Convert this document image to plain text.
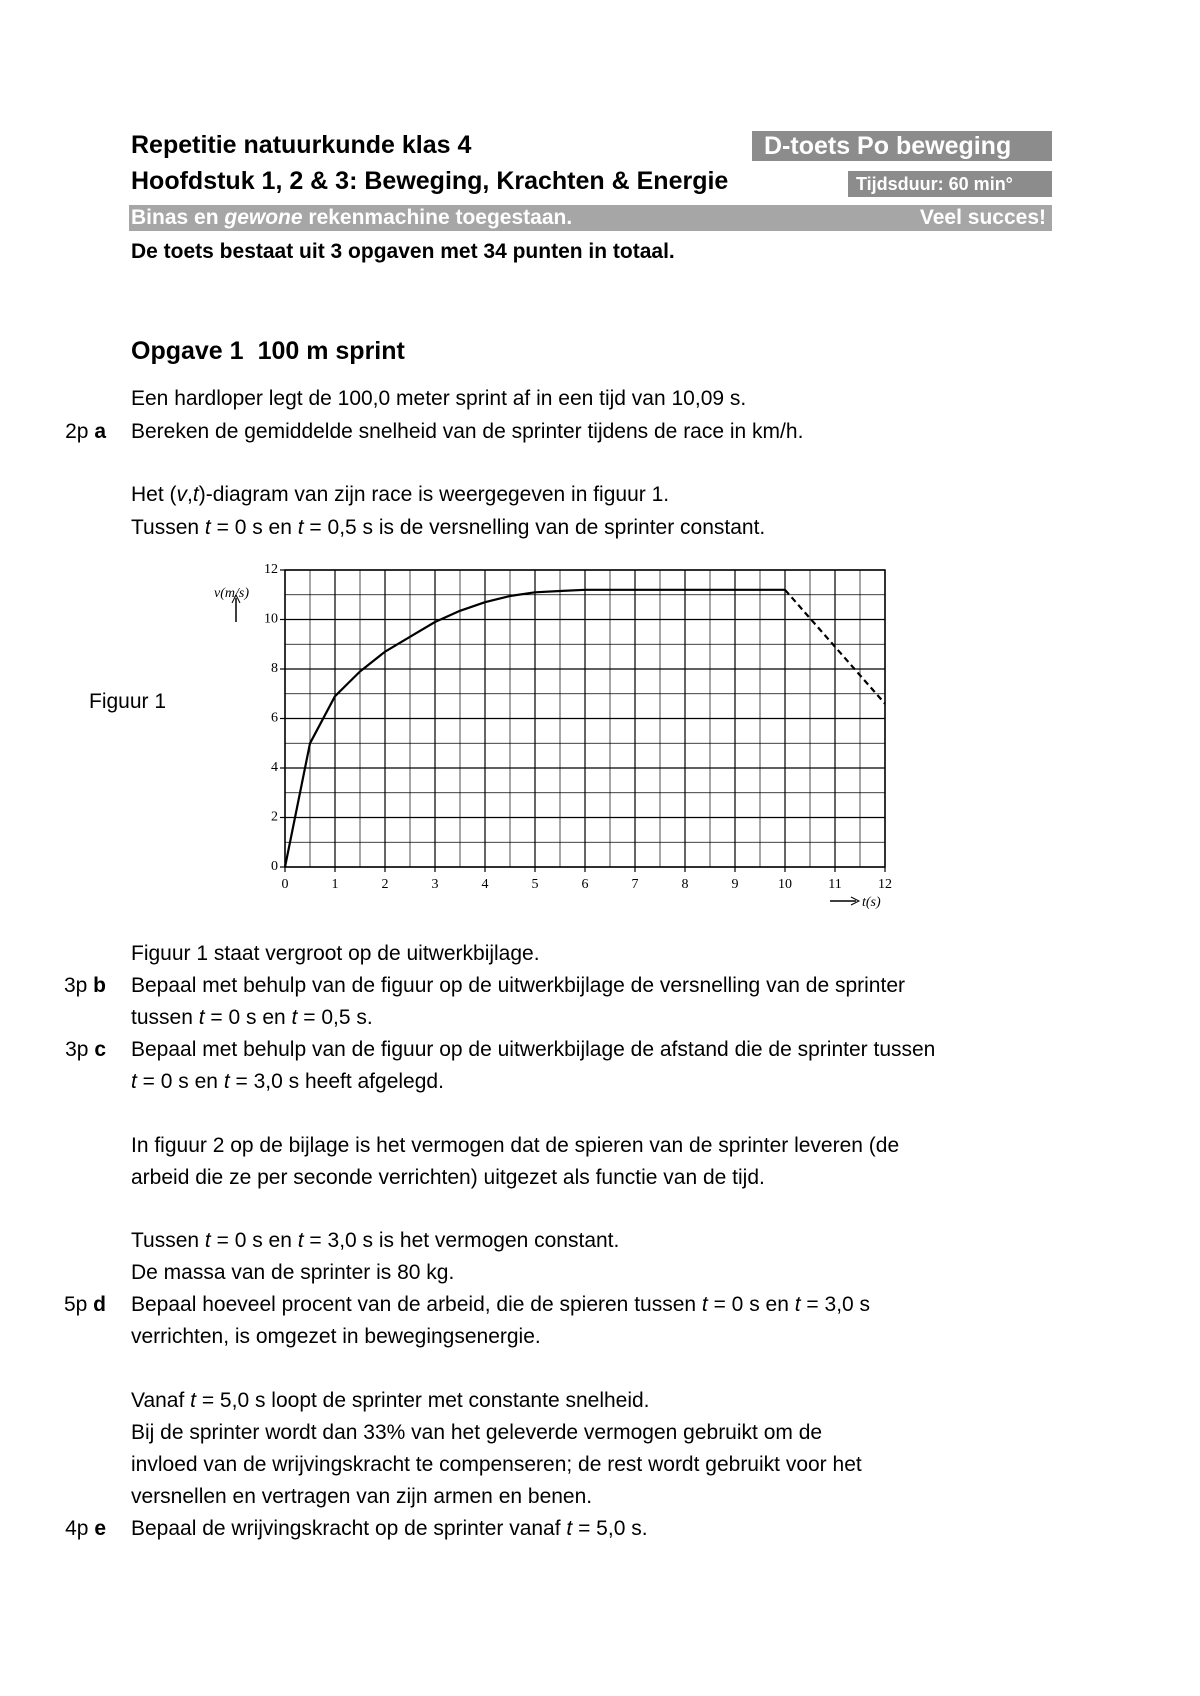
Repetitie natuurkunde klas 4	D-toets Po beweging
Hoofdstuk 1, 2 & 3: Beweging, Krachten & Energie	Tijdsduur: 60 min°
Binas en gewone rekenmachine toegestaan.	Veel succes!
De toets bestaat uit 3 opgaven met 34 punten in totaal.
Opgave 1 100 m sprint
Een hardloper legt de 100,0 meter sprint af in een tijd van 10,09 s.
2p a Bereken de gemiddelde snelheid van de sprinter tijdens de race in km/h.
Het (v,t)-diagram van zijn race is weergegeven in figuur 1.
Tussen t = 0 s en t = 0,5 s is de versnelling van de sprinter constant.
Figuur 1
0	1	2	3	4	5	6	7	8	9	10	11	12
0
2
4
6
8
10
12
v(m/s)
t(s)
Figuur 1 staat vergroot op de uitwerkbijlage.
3p b Bepaal met behulp van de figuur op de uitwerkbijlage de versnelling van de sprinter
tussen t = 0 s en t = 0,5 s.
3p c Bepaal met behulp van de figuur op de uitwerkbijlage de afstand die de sprinter tussen
t = 0 s en t = 3,0 s heeft afgelegd.
In figuur 2 op de bijlage is het vermogen dat de spieren van de sprinter leveren (de
arbeid die ze per seconde verrichten) uitgezet als functie van de tijd.
Tussen t = 0 s en t = 3,0 s is het vermogen constant.
De massa van de sprinter is 80 kg.
5p d Bepaal hoeveel procent van de arbeid, die de spieren tussen t = 0 s en t = 3,0 s
verrichten, is omgezet in bewegingsenergie.
Vanaf t = 5,0 s loopt de sprinter met constante snelheid.
Bij de sprinter wordt dan 33% van het geleverde vermogen gebruikt om de
invloed van de wrijvingskracht te compenseren; de rest wordt gebruikt voor het
versnellen en vertragen van zijn armen en benen.
4p e Bepaal de wrijvingskracht op de sprinter vanaf t = 5,0 s.
